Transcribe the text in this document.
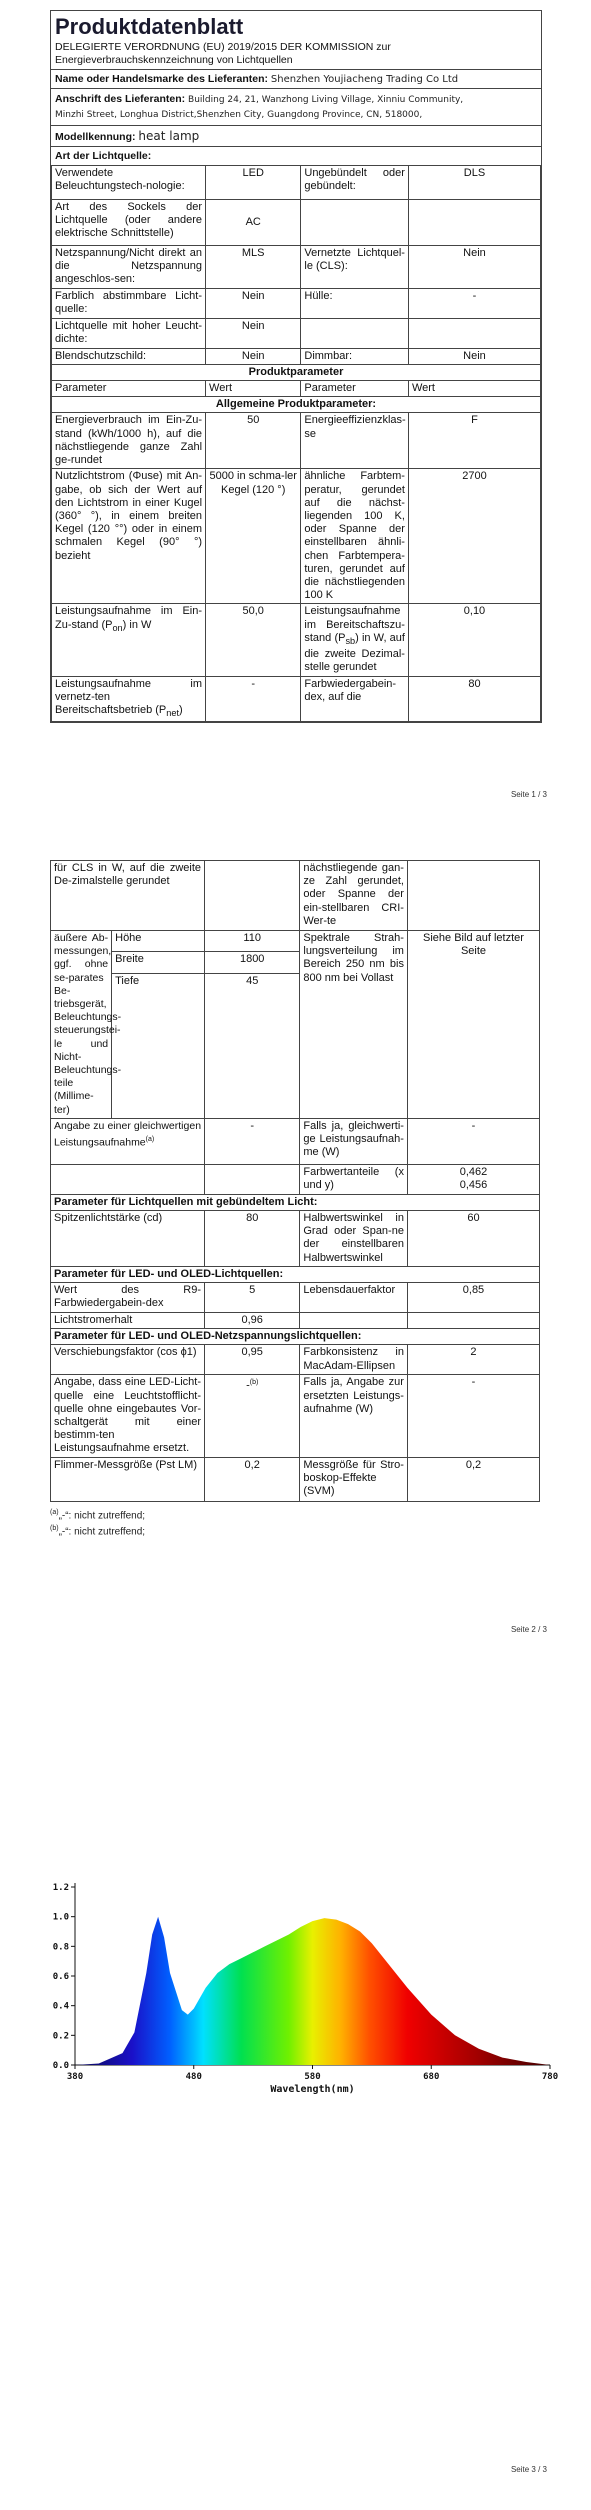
Produktdatenblatt
DELEGIERTE VERORDNUNG (EU) 2019/2015 DER KOMMISSION zur Energieverbrauchskennzeichnung von Lichtquellen
Name oder Handelsmarke des Lieferanten: Shenzhen Youjiacheng Trading Co Ltd
Anschrift des Lieferanten: Building 24, 21, Wanzhong Living Village, Xinniu Community,
Minzhi Street, Longhua District,Shenzhen City, Guangdong Province, CN, 518000,
Modellkennung: heat lamp
Art der Lichtquelle:
Verwendete Beleuchtungstech-nologie:	LED	Ungebündelt oder gebündelt:	DLS
Art des Sockels der Lichtquelle (oder andere elektrische Schnittstelle)	AC		
Netzspannung/Nicht direkt an die Netzspannung angeschlos-sen:	MLS	Vernetzte Lichtquel-le (CLS):	Nein
Farblich abstimmbare Licht-quelle:	Nein	Hülle:	-
Lichtquelle mit hoher Leucht-dichte:	Nein		
Blendschutzschild:	Nein	Dimmbar:	Nein
Produktparameter			
Parameter	Wert	Parameter	Wert
Allgemeine Produktparameter:			
Energieverbrauch im Ein-Zu-stand (kWh/1000 h), auf die nächstliegende ganze Zahl ge-rundet	50	Energieeffizienzklas-se	F
Nutzlichtstrom (Φuse) mit An-gabe, ob sich der Wert auf den Lichtstrom in einer Kugel (360° °), in einem breiten Kegel (120 °°) oder in einem schmalen Kegel (90° °) bezieht	5000 in schma-ler Kegel (120 °)	ähnliche Farbtem-peratur, gerundet auf die nächst-liegenden 100 K, oder Spanne der einstellbaren ähnli-chen Farbtempera-turen, gerundet auf die nächstliegenden 100 K	2700
Leistungsaufnahme im Ein-Zu-stand $(P_{on})$ in W	50,0	Leistungsaufnahme im Bereitschaftszu-stand $(P_{sb})$ in W, auf die zweite Dezimal-stelle gerundet	0,10
Leistungsaufnahme im vernetz-ten Bereitschaftsbetrieb $(P_{net})$	-	Farbwiedergabein-dex, auf die	80
Seite 1 / 3
für CLS in W, auf die zweite De-zimalstelle gerundet			nächstliegende gan-ze Zahl gerundet, oder Spanne der ein-stellbaren CRI-Wer-te	
äußere Ab-messungen, ggf. ohne se-parates Be-triebsgerät, Beleuchtungs-steuerungstei-le und Nicht-Beleuchtungs-teile (Millime-ter)	Höhe	110	Spektrale Strah-lungsverteilung im Bereich 250 nm bis 800 nm bei Vollast	Siehe Bild auf letzter Seite
	Breite	1800		
	Tiefe	45		
Angabe zu einer gleichwertigen Leistungsaufnahme$^{(a)}$		-	Falls ja, gleichwerti-ge Leistungsaufnah-me (W)	-
			Farbwertanteile (x und y)	0,462
0,456
Parameter für Lichtquellen mit gebündeltem Licht:				
Spitzenlichtstärke (cd)		80	Halbwertswinkel in Grad oder Span-ne der einstellbaren Halbwertswinkel	60
Parameter für LED- und OLED-Lichtquellen:				
Wert des R9-Farbwiedergabein-dex		5	Lebensdauerfaktor	0,85
Lichtstromerhalt		0,96		
Parameter für LED- und OLED-Netzspannungslichtquellen:				
Verschiebungsfaktor (cos ϕ1)		0,95	Farbkonsistenz in MacAdam-Ellipsen	2
Angabe, dass eine LED-Licht-quelle eine Leuchtstofflicht-quelle ohne eingebautes Vor-schaltgerät mit einer bestimm-ten Leistungsaufnahme ersetzt.		-$^{(b)}$	Falls ja, Angabe zur ersetzten Leistungs-aufnahme (W)	-
Flimmer-Messgröße (Pst LM)		0,2	Messgröße für Stro-boskop-Effekte (SVM)	0,2
$^{(a)}$„-“: nicht zutreffend;
$^{(b)}$„-“: nicht zutreffend;
Seite 2 / 3
380	480	580	680	780
0.0
0.2
0.4
0.6
0.8
1.0
1.2
Wavelength(nm)
Seite 3 / 3
